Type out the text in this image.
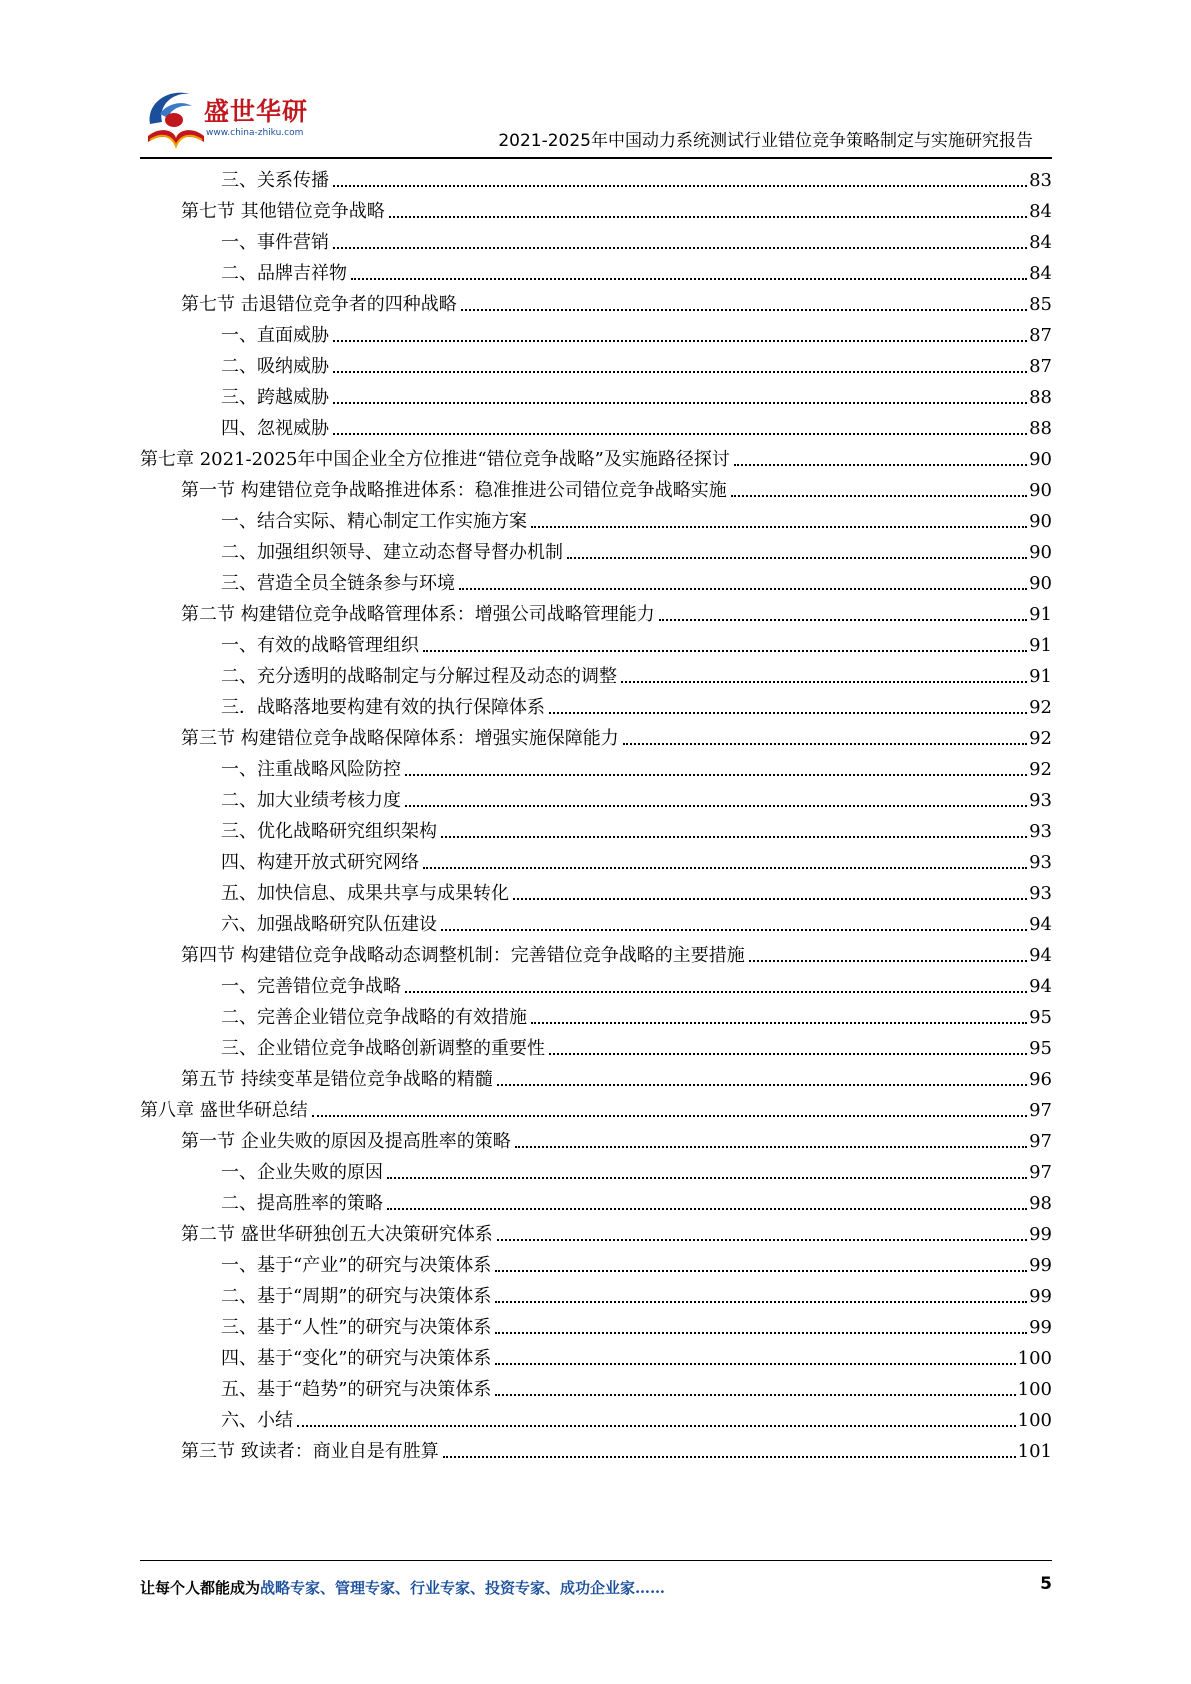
盛世华研
www.china-zhiku.com	2021-2025年中国动力系统测试行业错位竞争策略制定与实施研究报告
三、关系传播	83
第七节 其他错位竞争战略	84
一、事件营销	84
二、品牌吉祥物	84
第七节 击退错位竞争者的四种战略	85
一、直面威胁	87
二、吸纳威胁	87
三、跨越威胁	88
四、忽视威胁	88
第七章 2021-2025年中国企业全方位推进“错位竞争战略”及实施路径探讨	90
第一节 构建错位竞争战略推进体系：稳准推进公司错位竞争战略实施	90
一、结合实际、精心制定工作实施方案	90
二、加强组织领导、建立动态督导督办机制	90
三、营造全员全链条参与环境	90
第二节 构建错位竞争战略管理体系：增强公司战略管理能力	91
一、有效的战略管理组织	91
二、充分透明的战略制定与分解过程及动态的调整	91
三．战略落地要构建有效的执行保障体系	92
第三节 构建错位竞争战略保障体系：增强实施保障能力	92
一、注重战略风险防控	92
二、加大业绩考核力度	93
三、优化战略研究组织架构	93
四、构建开放式研究网络	93
五、加快信息、成果共享与成果转化	93
六、加强战略研究队伍建设	94
第四节 构建错位竞争战略动态调整机制：完善错位竞争战略的主要措施	94
一、完善错位竞争战略	94
二、完善企业错位竞争战略的有效措施	95
三、企业错位竞争战略创新调整的重要性	95
第五节 持续变革是错位竞争战略的精髓	96
第八章 盛世华研总结	97
第一节 企业失败的原因及提高胜率的策略	97
一、企业失败的原因	97
二、提高胜率的策略	98
第二节 盛世华研独创五大决策研究体系	99
一、基于“产业”的研究与决策体系	99
二、基于“周期”的研究与决策体系	99
三、基于“人性”的研究与决策体系	99
四、基于“变化”的研究与决策体系	100
五、基于“趋势”的研究与决策体系	100
六、小结	100
第三节 致读者：商业自是有胜算	101
让每个人都能成为战略专家、管理专家、行业专家、投资专家、成功企业家……	5
